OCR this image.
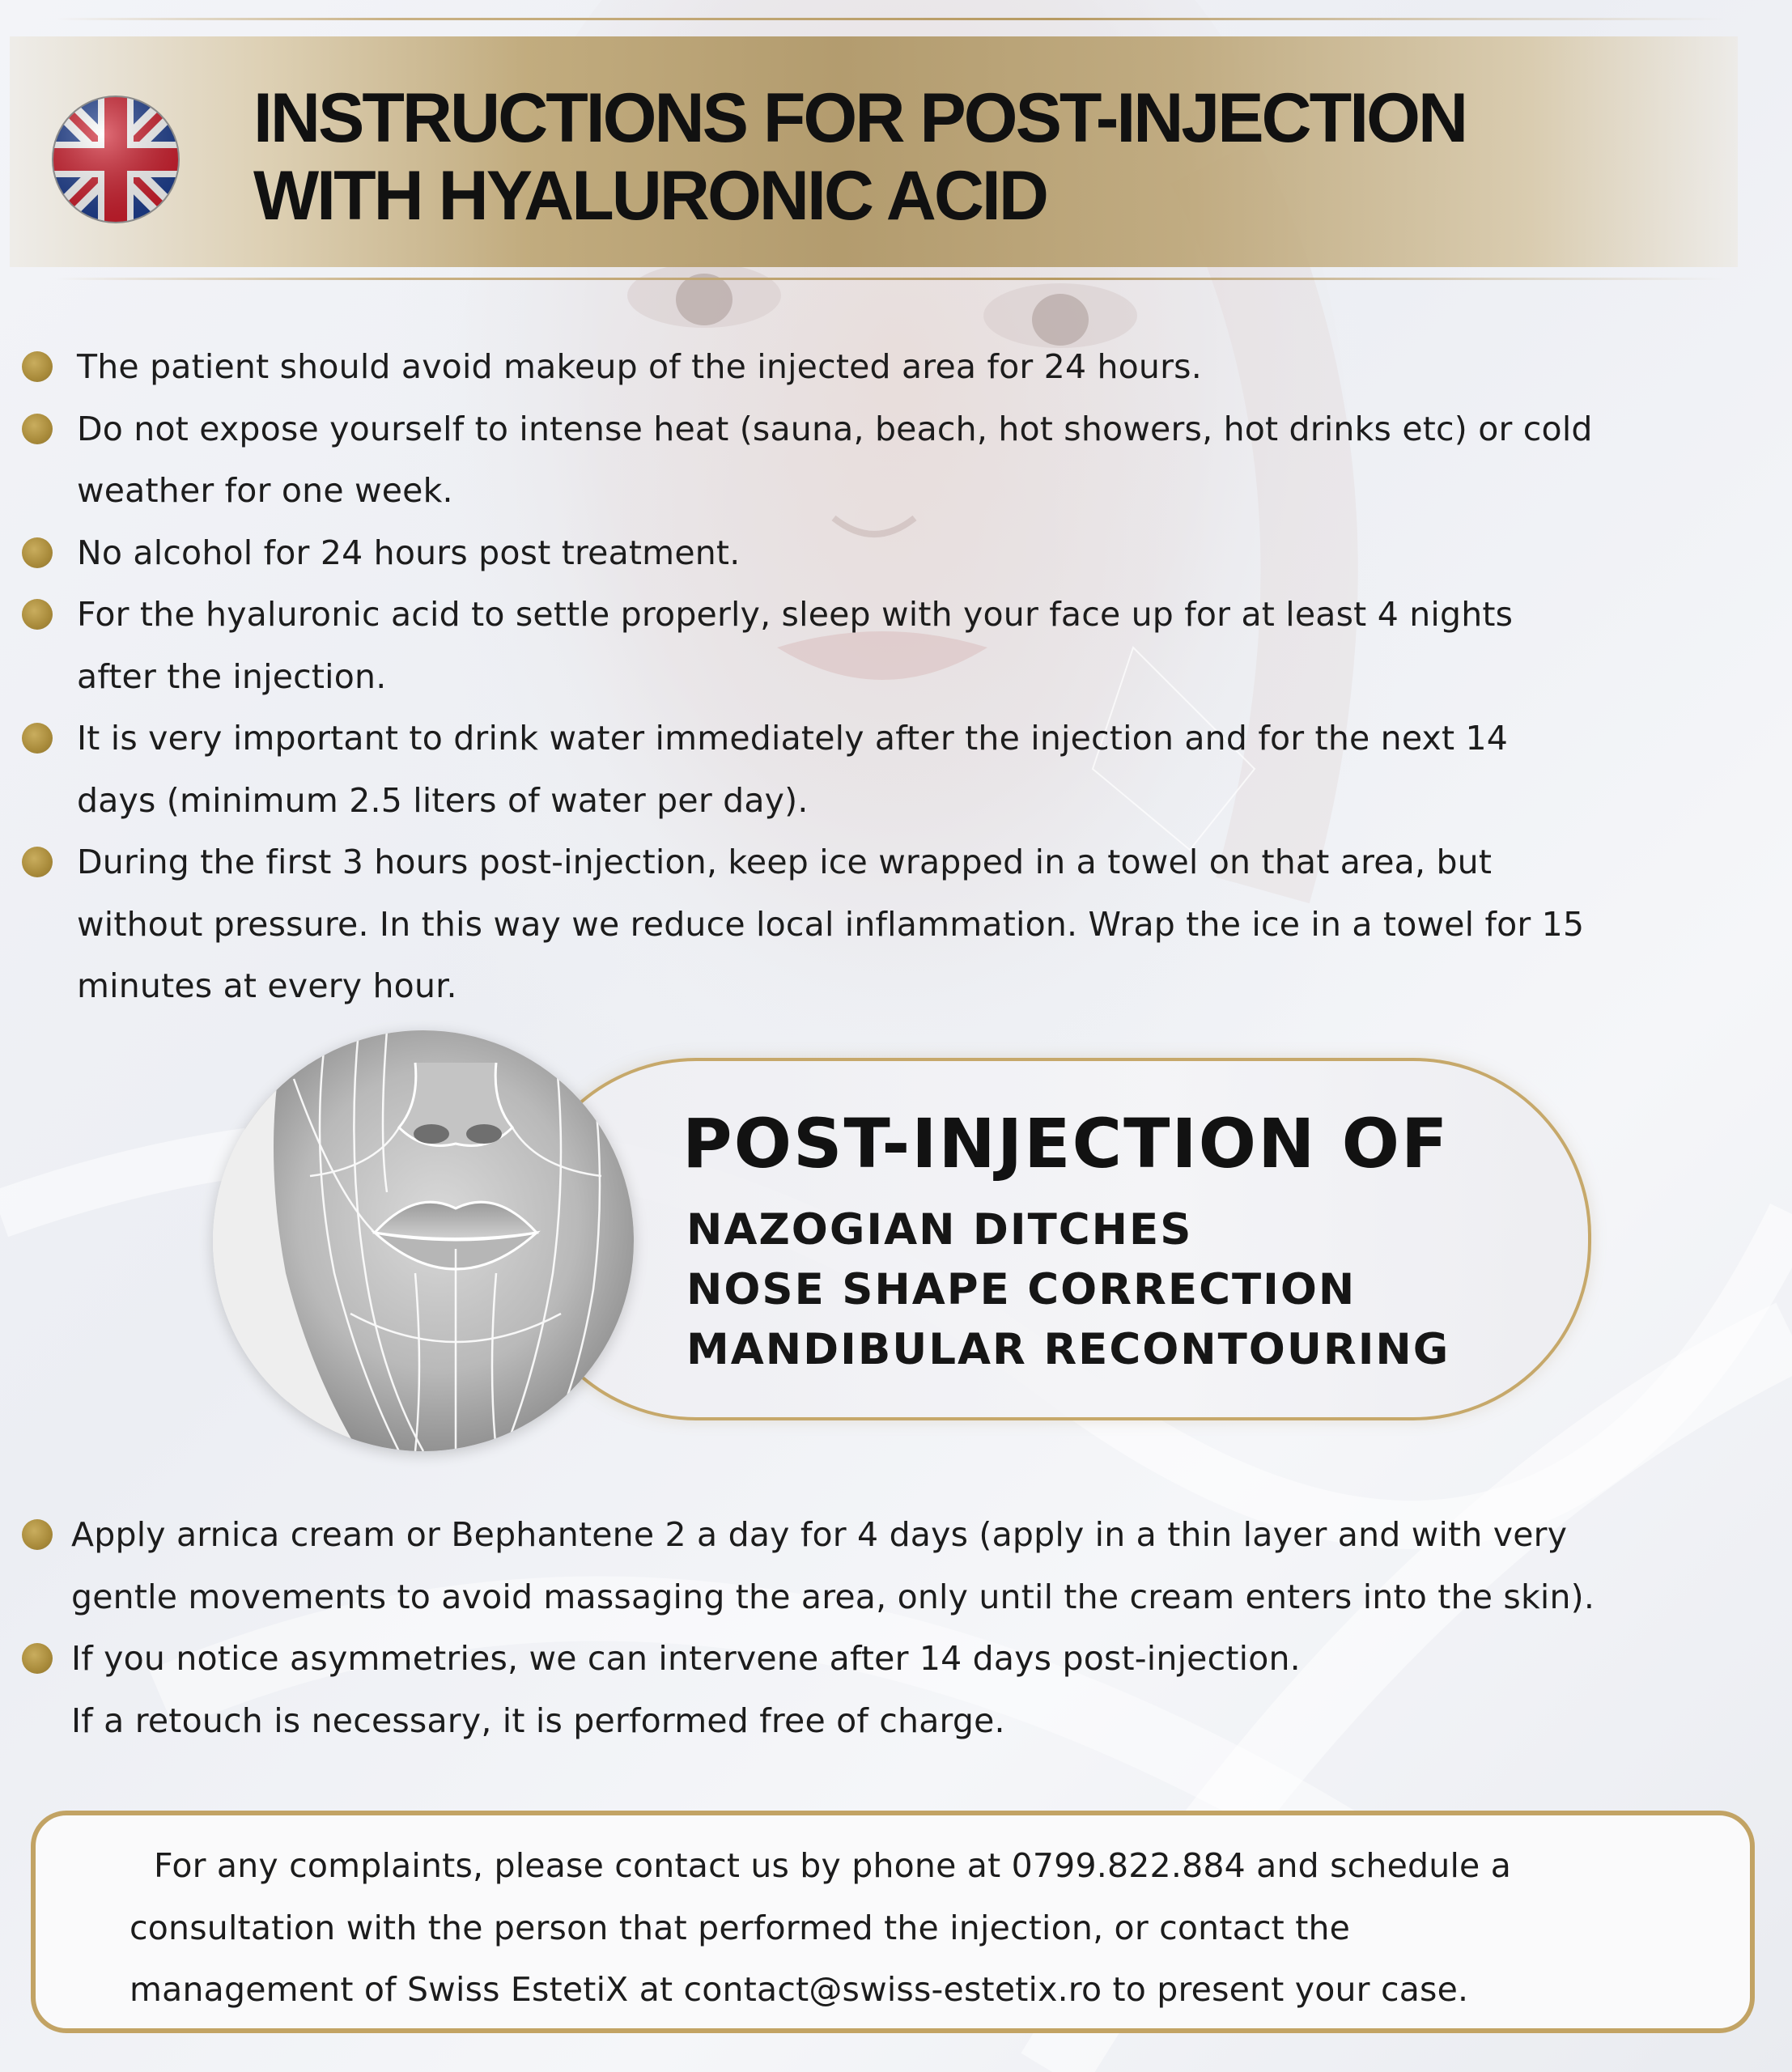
INSTRUCTIONS FOR POST-INJECTION
WITH HYALURONIC ACID
The patient should avoid makeup of the injected area for 24 hours.
Do not expose yourself to intense heat (sauna, beach, hot showers, hot drinks etc) or cold
weather for one week.
No alcohol for 24 hours post treatment.
For the hyaluronic acid to settle properly, sleep with your face up for at least 4 nights
after the injection.
It is very important to drink water immediately after the injection and for the next 14
days (minimum 2.5 liters of water per day).
During the first 3 hours post-injection, keep ice wrapped in a towel on that area, but
without pressure. In this way we reduce local inflammation. Wrap the ice in a towel for 15
minutes at every hour.
POST-INJECTION OF
NAZOGIAN DITCHES
NOSE SHAPE CORRECTION
MANDIBULAR RECONTOURING
Apply arnica cream or Bephantene 2 a day for 4 days (apply in a thin layer and with very
gentle movements to avoid massaging the area, only until the cream enters into the skin).
If you notice asymmetries, we can intervene after 14 days post-injection.
If a retouch is necessary, it is performed free of charge.

For any complaints, please contact us by phone at 0799.822.884 and schedule a
consultation with the person that performed the injection, or contact the
management of Swiss EstetiX at contact@swiss-estetix.ro to present your case.
